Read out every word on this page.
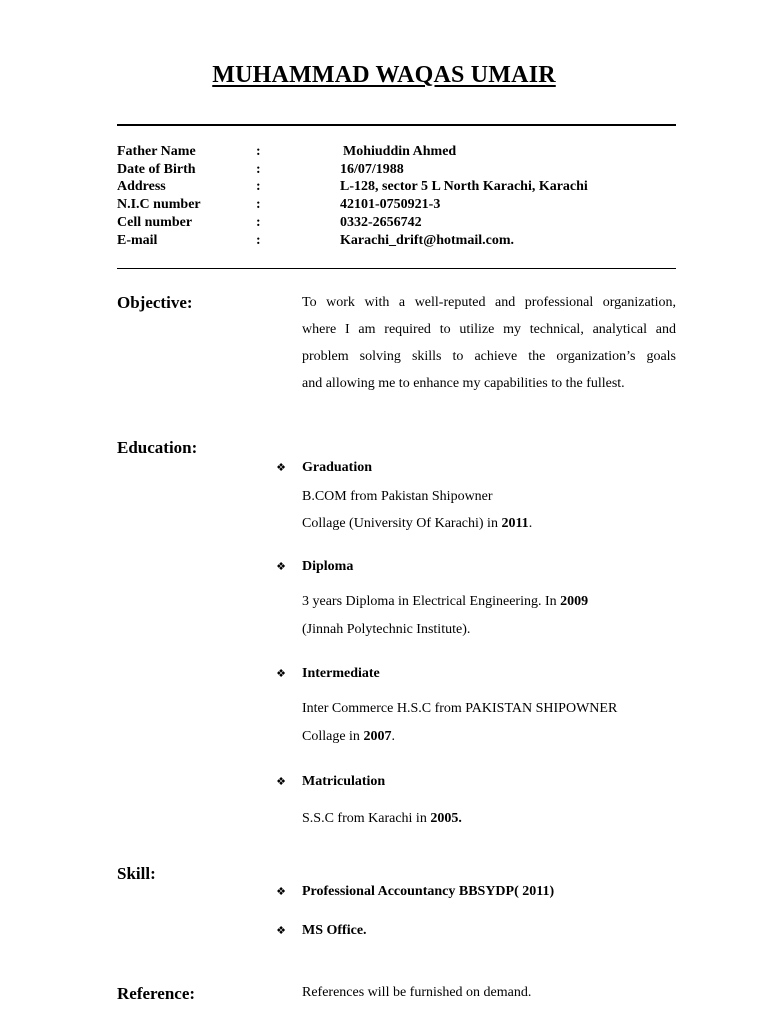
MUHAMMAD WAQAS UMAIR
Father Name	:	Mohiuddin Ahmed
Date of Birth	:	16/07/1988
Address	:	L-128, sector 5 L North Karachi, Karachi
N.I.C number	:	42101-0750921-3
Cell number	:	0332-2656742
E-mail	:	Karachi_drift@hotmail.com.
Objective:	To work with a well-reputed and professional organization,
where I am required to utilize my technical, analytical and
problem solving skills to achieve the organization’s goals
and allowing me to enhance my capabilities to the fullest.
Education:
❖ Graduation
B.COM from Pakistan Shipowner
Collage (University Of Karachi) in 2011.
❖ Diploma
3 years Diploma in Electrical Engineering. In 2009
(Jinnah Polytechnic Institute).
❖ Intermediate
Inter Commerce H.S.C from PAKISTAN SHIPOWNER
Collage in 2007.
❖ Matriculation
S.S.C from Karachi in 2005.
Skill:
❖ Professional Accountancy BBSYDP( 2011)
❖ MS Office.
Reference:	References will be furnished on demand.
